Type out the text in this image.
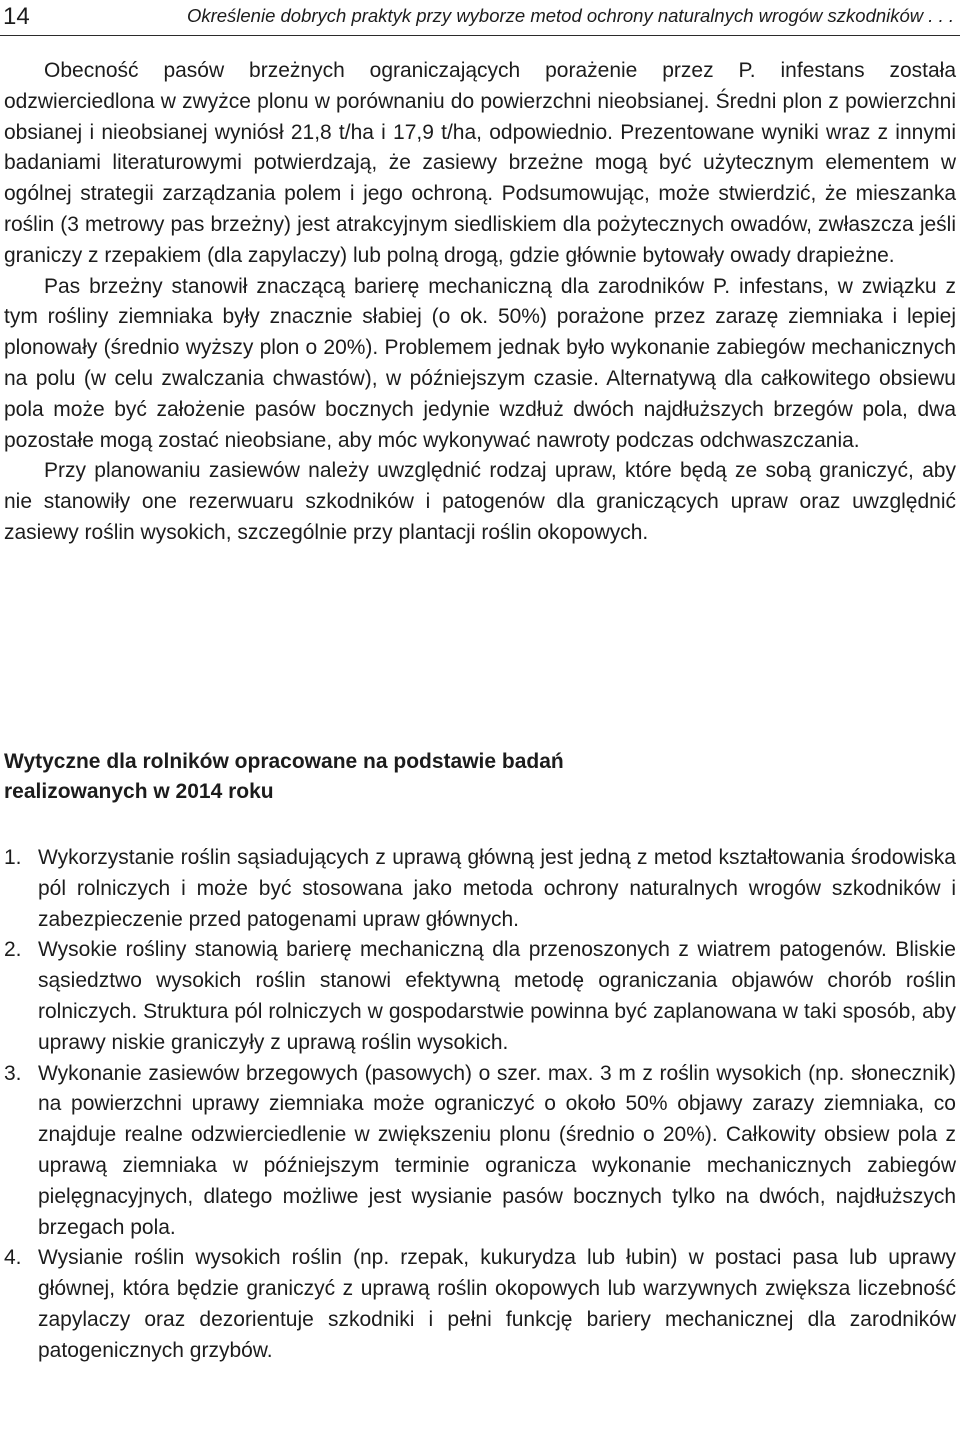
14	Określenie dobrych praktyk przy wyborze metod ochrony naturalnych wrogów szkodników . . .

Obecność pasów brzeżnych ograniczających porażenie przez P. infestans została odzwierciedlona w zwyżce plonu w porównaniu do powierzchni nieobsianej. Średni plon z powierzchni obsianej i nieobsianej wyniósł 21,8 t/ha i 17,9 t/ha, odpowiednio. Prezentowane wyniki wraz z innymi badaniami literaturowymi potwierdzają, że zasiewy brzeżne mogą być użytecznym elementem w ogólnej strategii zarządzania polem i jego ochroną. Podsumowując, może stwierdzić, że mieszanka roślin (3 metrowy pas brzeżny) jest atrakcyjnym siedliskiem dla pożytecznych owadów, zwłaszcza jeśli graniczy z rzepakiem (dla zapylaczy) lub polną drogą, gdzie głównie bytowały owady drapieżne.

Pas brzeżny stanowił znaczącą barierę mechaniczną dla zarodników P. infestans, w związku z tym rośliny ziemniaka były znacznie słabiej (o ok. 50%) porażone przez zarazę ziemniaka i lepiej plonowały (średnio wyższy plon o 20%). Problemem jednak było wykonanie zabiegów mechanicznych na polu (w celu zwalczania chwastów), w późniejszym czasie. Alternatywą dla całkowitego obsiewu pola może być założenie pasów bocznych jedynie wzdłuż dwóch najdłuższych brzegów pola, dwa pozostałe mogą zostać nieobsiane, aby móc wykonywać nawroty podczas odchwaszczania.

Przy planowaniu zasiewów należy uwzględnić rodzaj upraw, które będą ze sobą graniczyć, aby nie stanowiły one rezerwuaru szkodników i patogenów dla graniczących upraw oraz uwzględnić zasiewy roślin wysokich, szczególnie przy plantacji roślin okopowych.

Wytyczne dla rolników opracowane na podstawie badań realizowanych w 2014 roku
1. Wykorzystanie roślin sąsiadujących z uprawą główną jest jedną z metod kształtowania środowiska pól rolniczych i może być stosowana jako metoda ochrony naturalnych wrogów szkodników i zabezpieczenie przed patogenami upraw głównych.
2. Wysokie rośliny stanowią barierę mechaniczną dla przenoszonych z wiatrem patogenów. Bliskie sąsiedztwo wysokich roślin stanowi efektywną metodę ograniczania objawów chorób roślin rolniczych. Struktura pól rolniczych w gospodarstwie powinna być zaplanowana w taki sposób, aby uprawy niskie graniczyły z uprawą roślin wysokich.
3. Wykonanie zasiewów brzegowych (pasowych) o szer. max. 3 m z roślin wysokich (np. słonecznik) na powierzchni uprawy ziemniaka może ograniczyć o około 50% objawy zarazy ziemniaka, co znajduje realne odzwierciedlenie w zwiększeniu plonu (średnio o 20%). Całkowity obsiew pola z uprawą ziemniaka w późniejszym terminie ogranicza wykonanie mechanicznych zabiegów pielęgnacyjnych, dlatego możliwe jest wysianie pasów bocznych tylko na dwóch, najdłuższych brzegach pola.
4. Wysianie roślin wysokich roślin (np. rzepak, kukurydza lub łubin) w postaci pasa lub uprawy głównej, która będzie graniczyć z uprawą roślin okopowych lub warzywnych zwiększa liczebność zapylaczy oraz dezorientuje szkodniki i pełni funkcję bariery mechanicznej dla zarodników patogenicznych grzybów.
